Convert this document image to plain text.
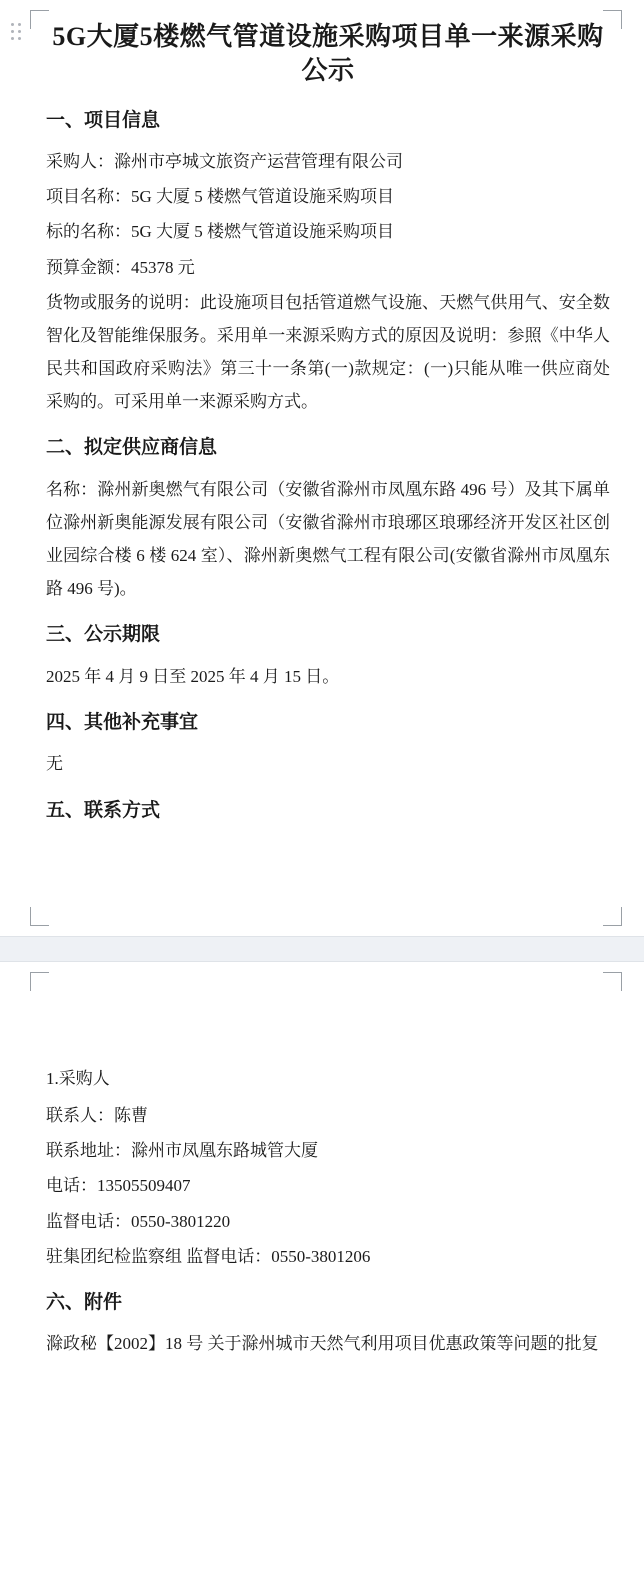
5G大厦5楼燃气管道设施采购项目单一来源采购公示
一、项目信息

采购人：滁州市亭城文旅资产运营管理有限公司

项目名称：5G 大厦 5 楼燃气管道设施采购项目

标的名称：5G 大厦 5 楼燃气管道设施采购项目

预算金额：45378 元

货物或服务的说明：此设施项目包括管道燃气设施、天燃气供用气、安全数智化及智能维保服务。采用单一来源采购方式的原因及说明：参照《中华人民共和国政府采购法》第三十一条第(一)款规定：(一)只能从唯一供应商处采购的。可采用单一来源采购方式。

二、拟定供应商信息

名称：滁州新奥燃气有限公司（安徽省滁州市凤凰东路 496 号）及其下属单位滁州新奥能源发展有限公司（安徽省滁州市琅琊区琅琊经济开发区社区创业园综合楼 6 楼 624 室）、滁州新奥燃气工程有限公司(安徽省滁州市凤凰东路 496 号)。

三、公示期限

2025 年 4 月 9 日至 2025 年 4 月 15 日。

四、其他补充事宜

无

五、联系方式

1.采购人

联系人：陈曹

联系地址：滁州市凤凰东路城管大厦

电话：13505509407

监督电话：0550-3801220

驻集团纪检监察组 监督电话：0550-3801206

六、附件

滁政秘【2002】18 号 关于滁州城市天然气利用项目优惠政策等问题的批复
